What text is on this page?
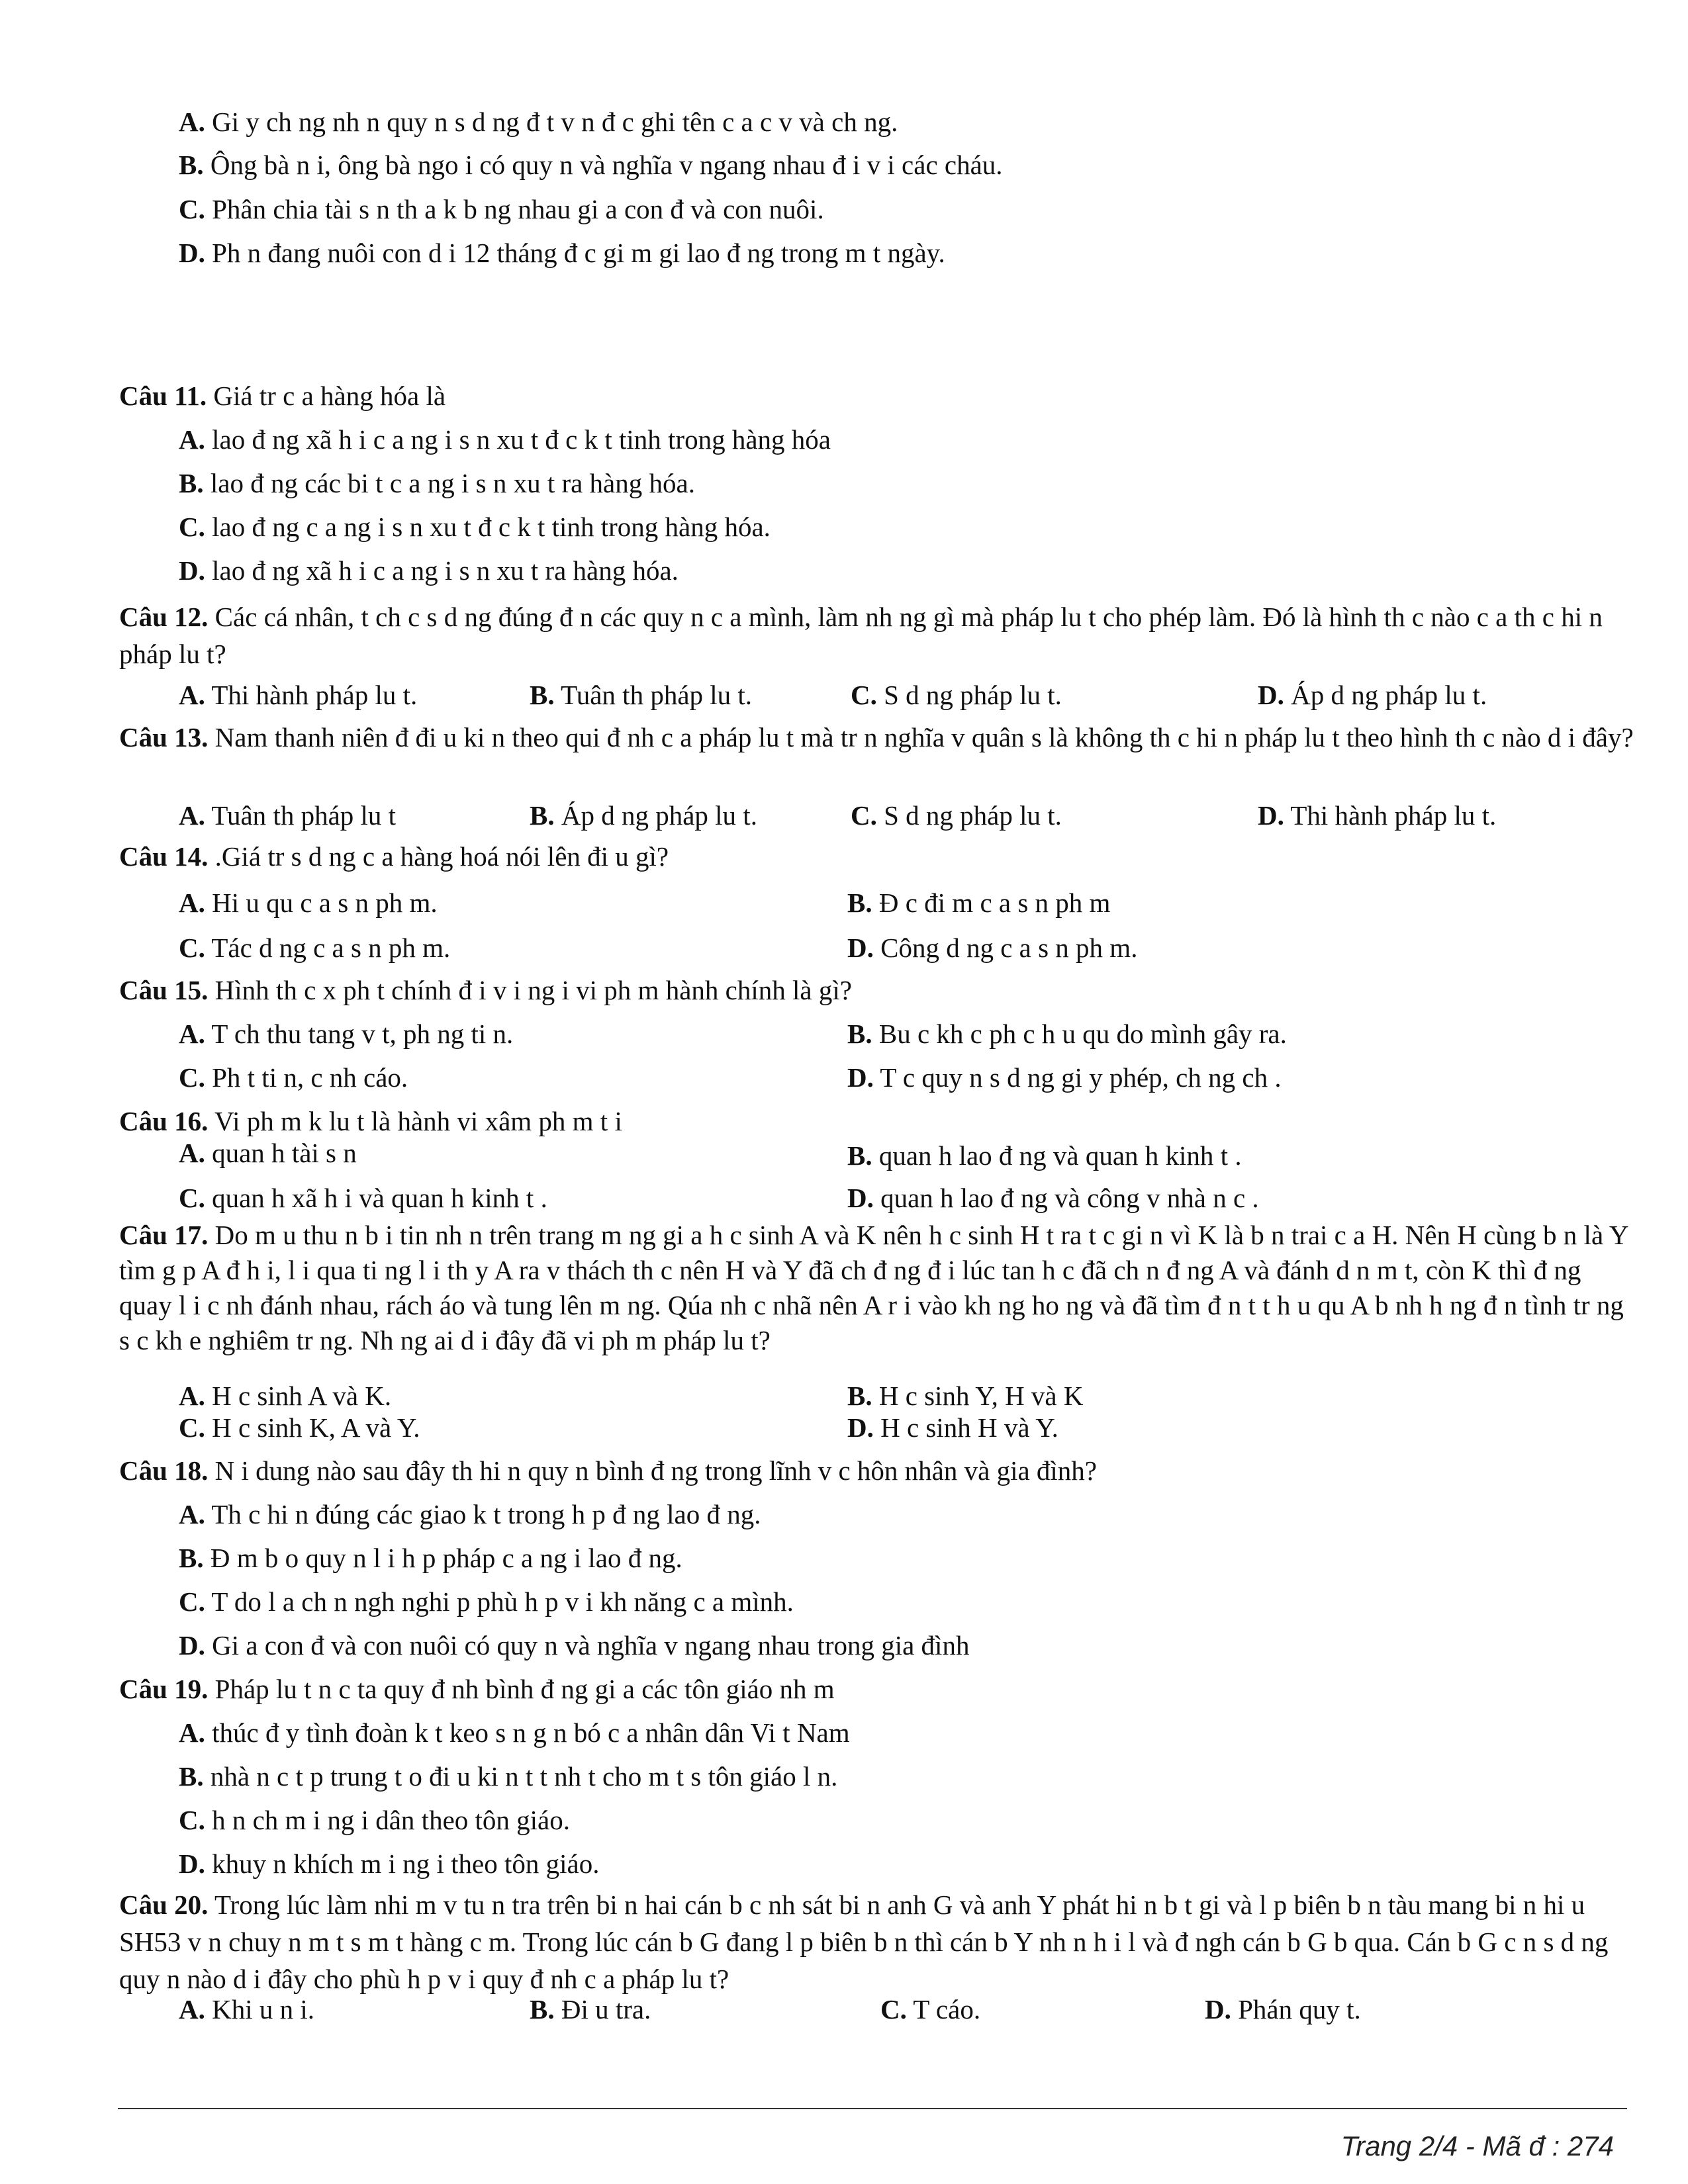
A. Gi y ch ng nh n quy n s d ng đ t v n đ c ghi tên c a c v và ch ng.
B. Ông bà n i, ông bà ngo i có quy n và nghĩa v ngang nhau đ i v i các cháu.
C. Phân chia tài s n th a k b ng nhau gi a con đ và con nuôi.
D. Ph n đang nuôi con d i 12 tháng đ c gi m gi lao đ ng trong m t ngày.
Câu 11. Giá tr c a hàng hóa là
A. lao đ ng xã h i c a ng i s n xu t đ c k t tinh trong hàng hóa
B. lao đ ng các bi t c a ng i s n xu t ra hàng hóa.
C. lao đ ng c a ng i s n xu t đ c k t tinh trong hàng hóa.
D. lao đ ng xã h i c a ng i s n xu t ra hàng hóa.
Câu 12. Các cá nhân, t ch c s d ng đúng đ n các quy n c a mình, làm nh ng gì mà pháp lu t cho phép làm. Đó là hình th c nào c a th c hi n pháp lu t?
A. Thi hành pháp lu t.	B. Tuân th pháp lu t.	C. S d ng pháp lu t.	D. Áp d ng pháp lu t.
Câu 13. Nam thanh niên đ đi u ki n theo qui đ nh c a pháp lu t mà tr n nghĩa v quân s là không th c hi n pháp lu t theo hình th c nào d i đây?
A. Tuân th pháp lu t	B. Áp d ng pháp lu t.	C. S d ng pháp lu t.	D. Thi hành pháp lu t.
Câu 14. .Giá tr s d ng c a hàng hoá nói lên đi u gì?
A. Hi u qu c a s n ph m.	B. Đ c đi m c a s n ph m
C. Tác d ng c a s n ph m.	D. Công d ng c a s n ph m.
Câu 15. Hình th c x ph t chính đ i v i ng i vi ph m hành chính là gì?
A. T ch thu tang v t, ph ng ti n.	B. Bu c kh c ph c h u qu do mình gây ra.
C. Ph t ti n, c nh cáo.	D. T c quy n s d ng gi y phép, ch ng ch .
Câu 16. Vi ph m k lu t là hành vi xâm ph m t i
A. quan h tài s n	B. quan h lao đ ng và quan h kinh t .
C. quan h xã h i và quan h kinh t .	D. quan h lao đ ng và công v nhà n c .
Câu 17. Do m u thu n b i tin nh n trên trang m ng gi a h c sinh A và K nên h c sinh H t ra t c gi n vì K là b n trai c a H. Nên H cùng b n là Y tìm g p A đ h i, l i qua ti ng l i th y A ra v thách th c nên H và Y đã ch đ ng đ i lúc tan h c đã ch n đ ng A và đánh d n m t, còn K thì đ ng quay l i c nh đánh nhau, rách áo và tung lên m ng. Qúa nh c nhã nên A r i vào kh ng ho ng và đã tìm đ n t t h u qu A b nh h ng đ n tình tr ng s c kh e nghiêm tr ng. Nh ng ai d i đây đã vi ph m pháp lu t?
A. H c sinh A và K.	B. H c sinh Y, H và K
C. H c sinh K, A và Y.	D. H c sinh H và Y.
Câu 18. N i dung nào sau đây th hi n quy n bình đ ng trong lĩnh v c hôn nhân và gia đình?
A. Th c hi n đúng các giao k t trong h p đ ng lao đ ng.
B. Đ m b o quy n l i h p pháp c a ng i lao đ ng.
C. T do l a ch n ngh nghi p phù h p v i kh năng c a mình.
D. Gi a con đ và con nuôi có quy n và nghĩa v ngang nhau trong gia đình
Câu 19. Pháp lu t n c ta quy đ nh bình đ ng gi a các tôn giáo nh m
A. thúc đ y tình đoàn k t keo s n g n bó c a nhân dân Vi t Nam
B. nhà n c t p trung t o đi u ki n t t nh t cho m t s tôn giáo l n.
C. h n ch m i ng i dân theo tôn giáo.
D. khuy n khích m i ng i theo tôn giáo.
Câu 20. Trong lúc làm nhi m v tu n tra trên bi n hai cán b c nh sát bi n anh G và anh Y phát hi n b t gi và l p biên b n tàu mang bi n hi u SH53 v n chuy n m t s m t hàng c m. Trong lúc cán b G đang l p biên b n thì cán b Y nh n h i l và đ ngh cán b G b qua. Cán b G c n s d ng quy n nào d i đây cho phù h p v i quy đ nh c a pháp lu t?
A. Khi u n i.	B. Đi u tra.	C. T cáo.	D. Phán quy t.
Trang 2/4 - Mã đ : 274
